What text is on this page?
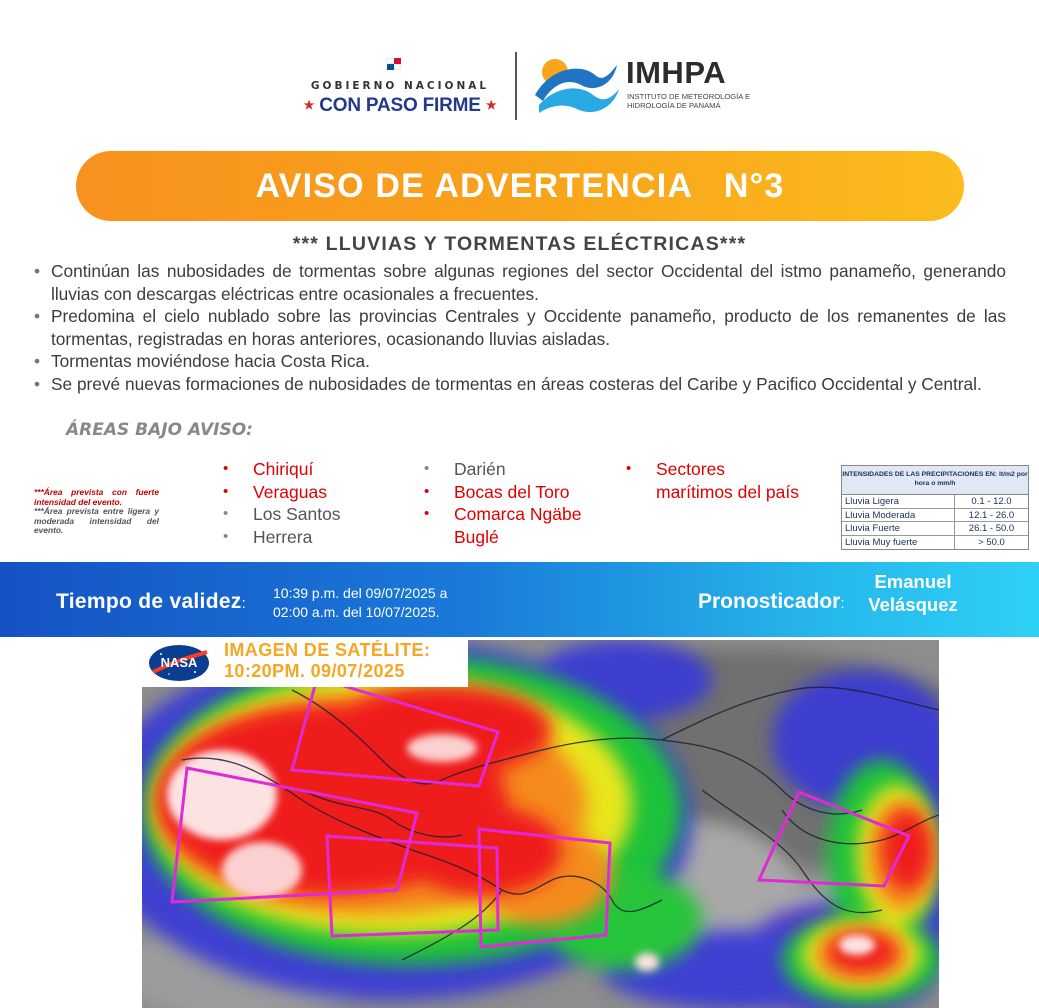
GOBIERNO NACIONAL
★ CON PASO FIRME ★
IMHPA
INSTITUTO DE METEOROLOGÍA E HIDROLOGÍA DE PANAMÁ
AVISO DE ADVERTENCIA   N°3
*** LLUVIAS Y TORMENTAS ELÉCTRICAS***
• Continúan las nubosidades de tormentas sobre algunas regiones del sector Occidental del istmo panameño, generando lluvias con descargas eléctricas entre ocasionales a frecuentes.
• Predomina el cielo nublado sobre las provincias Centrales y Occidente panameño, producto de los remanentes de las tormentas, registradas en horas anteriores, ocasionando lluvias aisladas.
• Tormentas moviéndose hacia Costa Rica.
• Se prevé nuevas formaciones de nubosidades de tormentas en áreas costeras del Caribe y Pacifico Occidental y Central.
ÁREAS BAJO AVISO:
***Área prevista con fuerte intensidad del evento.
***Área prevista entre ligera y moderada intensidad del evento.
• Chiriquí
• Veraguas
• Los Santos
• Herrera
• Darién
• Bocas del Toro
• Comarca Ngäbe Buglé
• Sectores marítimos del país
INTENSIDADES DE LAS PRECIPITACIONES EN: lt/m2 por hora o mm/h
Lluvia Ligera	0.1 - 12.0
Lluvia Moderada	12.1 - 26.0
Lluvia Fuerte	26.1 - 50.0
Lluvia Muy fuerte	> 50.0
Tiempo de validez:
10:39 p.m. del 09/07/2025 a
02:00 a.m. del 10/07/2025.	Pronosticador:
Emanuel Velásquez
NASA
IMAGEN DE SATÉLITE:
10:20PM. 09/07/2025
